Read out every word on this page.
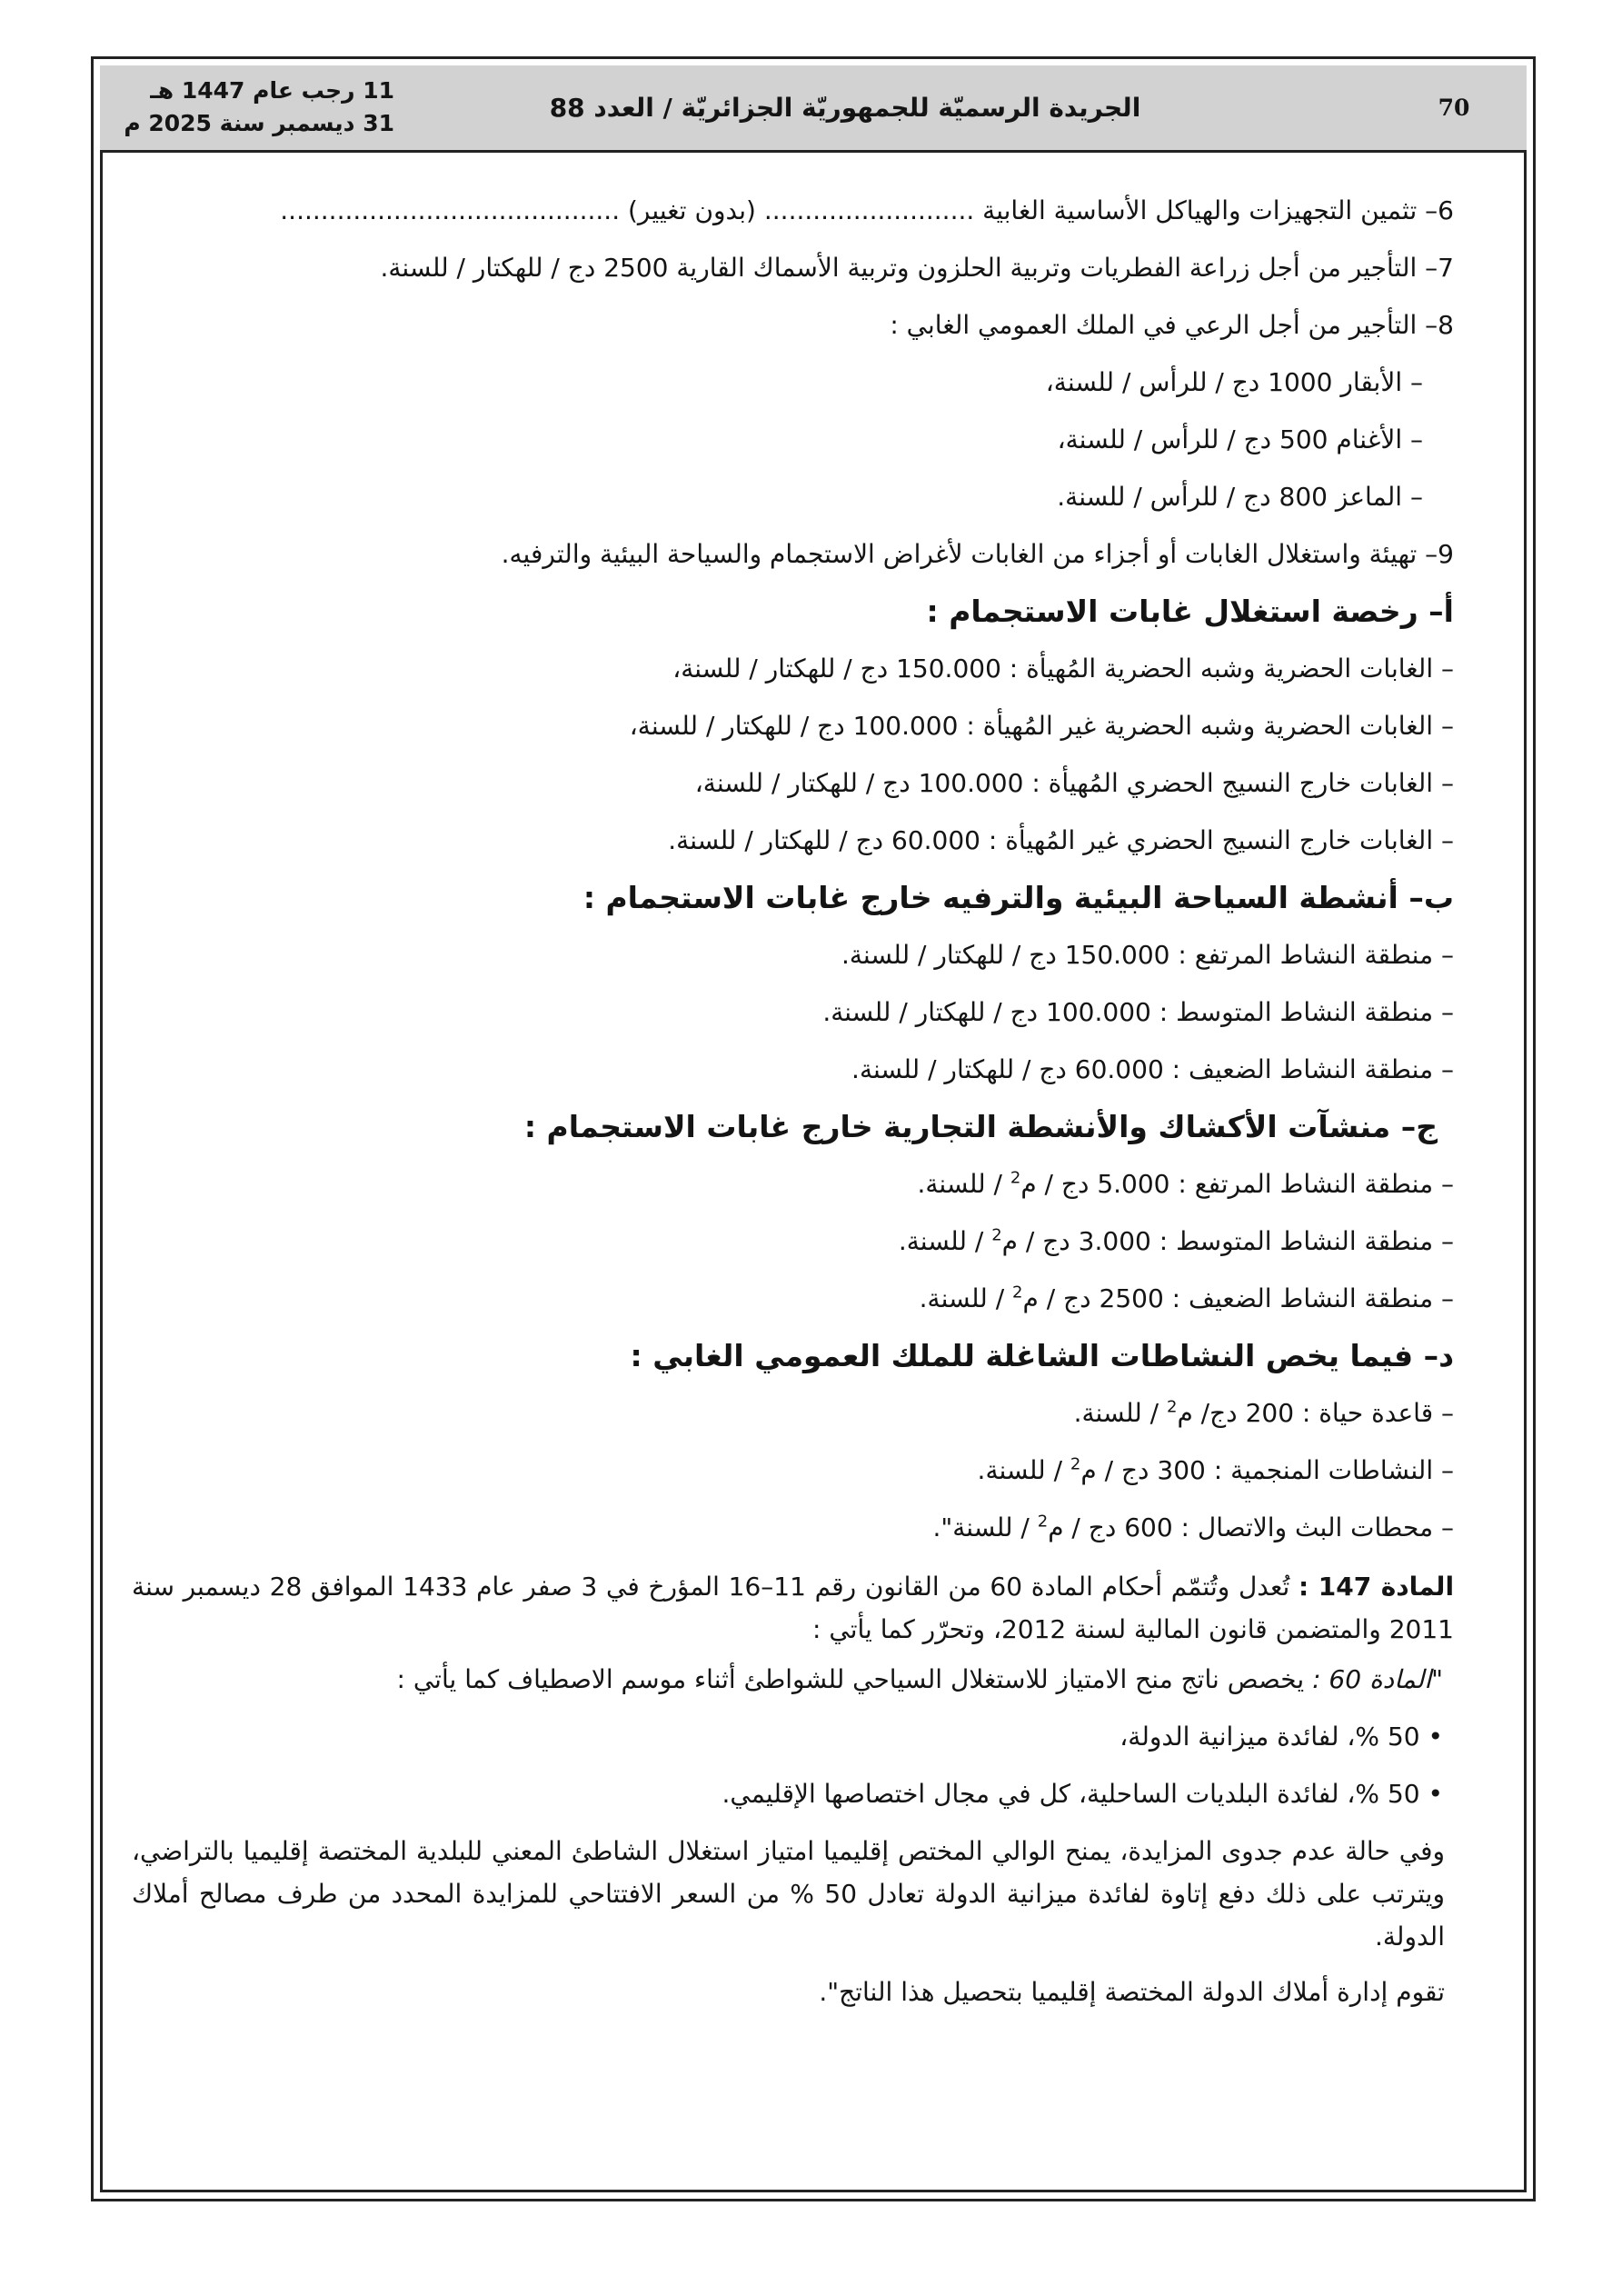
70
الجريدة الرسميّة للجمهوريّة الجزائريّة / العدد 88
11 رجب عام 1447 هـ
31 ديسمبر سنة 2025 م
6– تثمين التجهيزات والهياكل الأساسية الغابية .......................... (بدون تغيير) ..........................................
7– التأجير من أجل زراعة الفطريات وتربية الحلزون وتربية الأسماك القارية 2500 دج / للهكتار / للسنة.
8– التأجير من أجل الرعي في الملك العمومي الغابي :
– الأبقار 1000 دج / للرأس / للسنة،
– الأغنام 500 دج / للرأس / للسنة،
– الماعز 800 دج / للرأس / للسنة.
9– تهيئة واستغلال الغابات أو أجزاء من الغابات لأغراض الاستجمام والسياحة البيئية والترفيه.
أ– رخصة استغلال غابات الاستجمام :
– الغابات الحضرية وشبه الحضرية المُهيأة : 150.000 دج / للهكتار / للسنة،
– الغابات الحضرية وشبه الحضرية غير المُهيأة : 100.000 دج / للهكتار / للسنة،
– الغابات خارج النسيج الحضري المُهيأة : 100.000 دج / للهكتار / للسنة،
– الغابات خارج النسيج الحضري غير المُهيأة : 60.000 دج / للهكتار / للسنة.
ب– أنشطة السياحة البيئية والترفيه خارج غابات الاستجمام :
– منطقة النشاط المرتفع : 150.000 دج / للهكتار / للسنة.
– منطقة النشاط المتوسط : 100.000 دج / للهكتار / للسنة.
– منطقة النشاط الضعيف : 60.000 دج / للهكتار / للسنة.
ج– منشآت الأكشاك والأنشطة التجارية خارج غابات الاستجمام :
– منطقة النشاط المرتفع : 5.000 دج / م$^2$ / للسنة.
– منطقة النشاط المتوسط : 3.000 دج / م$^2$ / للسنة.
– منطقة النشاط الضعيف : 2500 دج / م$^2$ / للسنة.
د– فيما يخص النشاطات الشاغلة للملك العمومي الغابي :
– قاعدة حياة : 200 دج/ م$^2$ / للسنة.
– النشاطات المنجمية : 300 دج / م$^2$ / للسنة.
– محطات البث والاتصال : 600 دج / م$^2$ / للسنة".
المادة 147 : تُعدل وتُتمّم أحكام المادة 60 من القانون رقم 11–16 المؤرخ في 3 صفر عام 1433 الموافق 28 ديسمبر سنة 2011 والمتضمن قانون المالية لسنة 2012، وتحرّر كما يأتي :
"المادة 60 : يخصص ناتج منح الامتياز للاستغلال السياحي للشواطئ أثناء موسم الاصطياف كما يأتي :
• 50 %، لفائدة ميزانية الدولة،
• 50 %، لفائدة البلديات الساحلية، كل في مجال اختصاصها الإقليمي.
وفي حالة عدم جدوى المزايدة، يمنح الوالي المختص إقليميا امتياز استغلال الشاطئ المعني للبلدية المختصة إقليميا بالتراضي، ويترتب على ذلك دفع إتاوة لفائدة ميزانية الدولة تعادل 50 % من السعر الافتتاحي للمزايدة المحدد من طرف مصالح أملاك الدولة.
تقوم إدارة أملاك الدولة المختصة إقليميا بتحصيل هذا الناتج".
